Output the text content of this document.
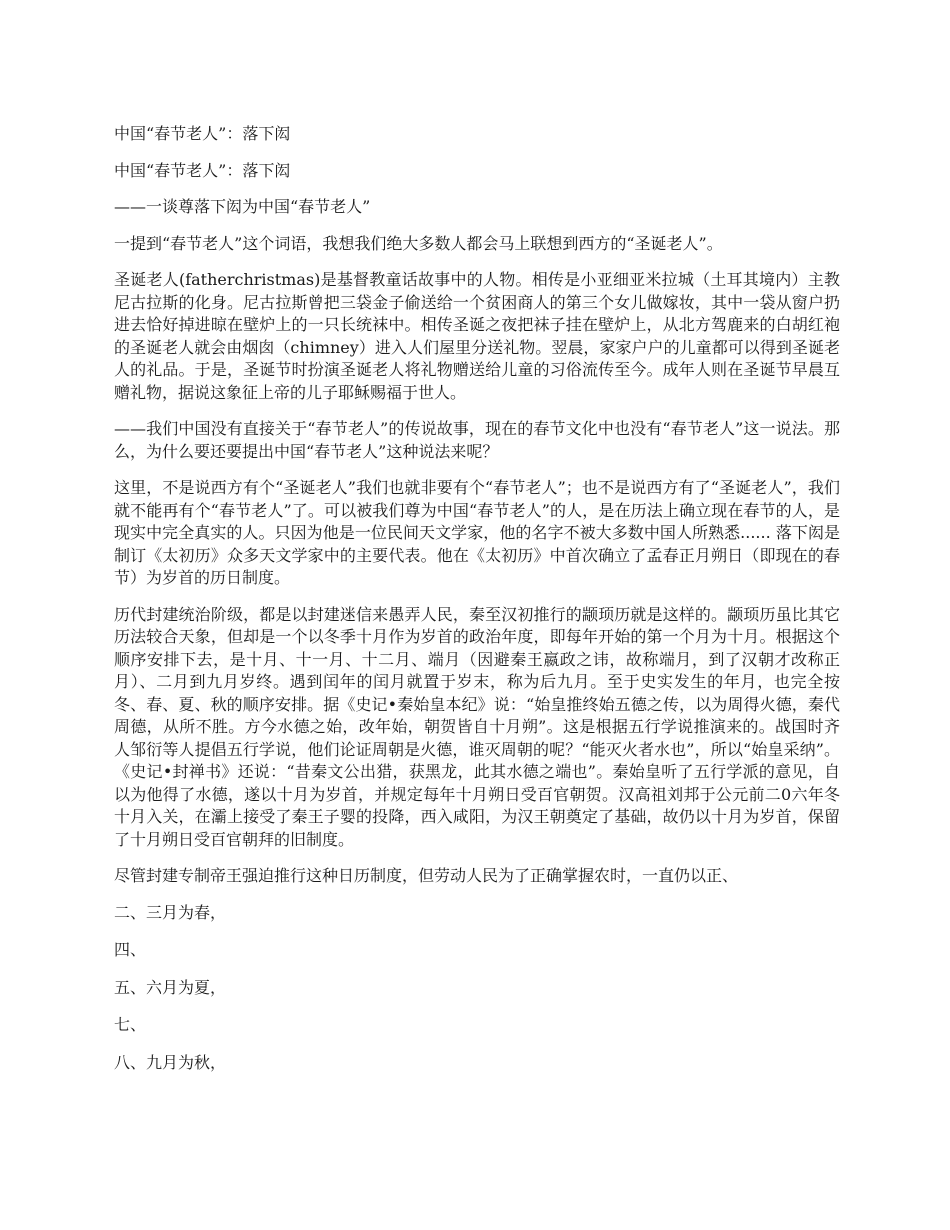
中国“春节老人”：落下闳

中国“春节老人”：落下闳

——一谈尊落下闳为中国“春节老人”

一提到“春节老人”这个词语，我想我们绝大多数人都会马上联想到西方的“圣诞老人”。

圣诞老人(fatherchristmas)是基督教童话故事中的人物。相传是小亚细亚米拉城（土耳其境内）主教尼古拉斯的化身。尼古拉斯曾把三袋金子偷送给一个贫困商人的第三个女儿做嫁妆，其中一袋从窗户扔进去恰好掉进晾在壁炉上的一只长统袜中。相传圣诞之夜把袜子挂在壁炉上，从北方驾鹿来的白胡红袍的圣诞老人就会由烟囱（chimney）进入人们屋里分送礼物。翌晨，家家户户的儿童都可以得到圣诞老人的礼品。于是，圣诞节时扮演圣诞老人将礼物赠送给儿童的习俗流传至今。成年人则在圣诞节早晨互赠礼物，据说这象征上帝的儿子耶稣赐福于世人。

——我们中国没有直接关于“春节老人”的传说故事，现在的春节文化中也没有“春节老人”这一说法。那么，为什么要还要提出中国“春节老人”这种说法来呢？

这里，不是说西方有个“圣诞老人”我们也就非要有个“春节老人”；也不是说西方有了“圣诞老人”，我们就不能再有个“春节老人”了。可以被我们尊为中国“春节老人”的人，是在历法上确立现在春节的人，是现实中完全真实的人。只因为他是一位民间天文学家，他的名字不被大多数中国人所熟悉...... 落下闳是制订《太初历》众多天文学家中的主要代表。他在《太初历》中首次确立了孟春正月朔日（即现在的春节）为岁首的历日制度。

历代封建统治阶级，都是以封建迷信来愚弄人民，秦至汉初推行的颛顼历就是这样的。颛顼历虽比其它历法较合天象，但却是一个以冬季十月作为岁首的政治年度，即每年开始的第一个月为十月。根据这个顺序安排下去，是十月、十一月、十二月、端月（因避秦王嬴政之讳，故称端月，到了汉朝才改称正月）、二月到九月岁终。遇到闰年的闰月就置于岁末，称为后九月。至于史实发生的年月，也完全按冬、春、夏、秋的顺序安排。据《史记•秦始皇本纪》说：“始皇推终始五德之传，以为周得火德，秦代周德，从所不胜。方今水德之始，改年始，朝贺皆自十月朔”。这是根据五行学说推演来的。战国时齐人邹衍等人提倡五行学说，他们论证周朝是火德，谁灭周朝的呢？“能灭火者水也”，所以“始皇采纳”。《史记•封禅书》还说：“昔秦文公出猎，获黑龙，此其水德之端也”。秦始皇听了五行学派的意见，自以为他得了水德，遂以十月为岁首，并规定每年十月朔日受百官朝贺。汉高祖刘邦于公元前二0六年冬十月入关，在灞上接受了秦王子婴的投降，西入咸阳，为汉王朝奠定了基础，故仍以十月为岁首，保留了十月朔日受百官朝拜的旧制度。

尽管封建专制帝王强迫推行这种日历制度，但劳动人民为了正确掌握农时，一直仍以正、

二、三月为春，

四、

五、六月为夏，

七、

八、九月为秋，
